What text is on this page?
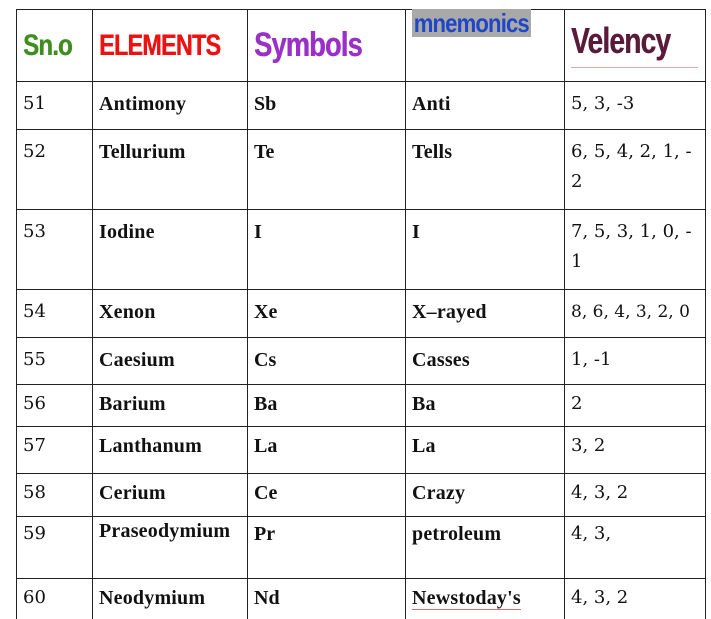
Sn.o	ELEMENTS	Symbols	mnemonics	Velency

51	Antimony	Sb	Anti	5, 3, -3

52	Tellurium	Te	Tells	6, 5, 4, 2, 1, -2

53	Iodine	I	I	7, 5, 3, 1, 0, -1

54	Xenon	Xe	X–rayed	8, 6, 4, 3, 2, 0

55	Caesium	Cs	Casses	1, -1

56	Barium	Ba	Ba	2

57	Lanthanum	La	La	3, 2

58	Cerium	Ce	Crazy	4, 3, 2

59	Praseodymium	Pr	petroleum	4, 3,

60	Neodymium	Nd	Newstoday's	4, 3, 2
